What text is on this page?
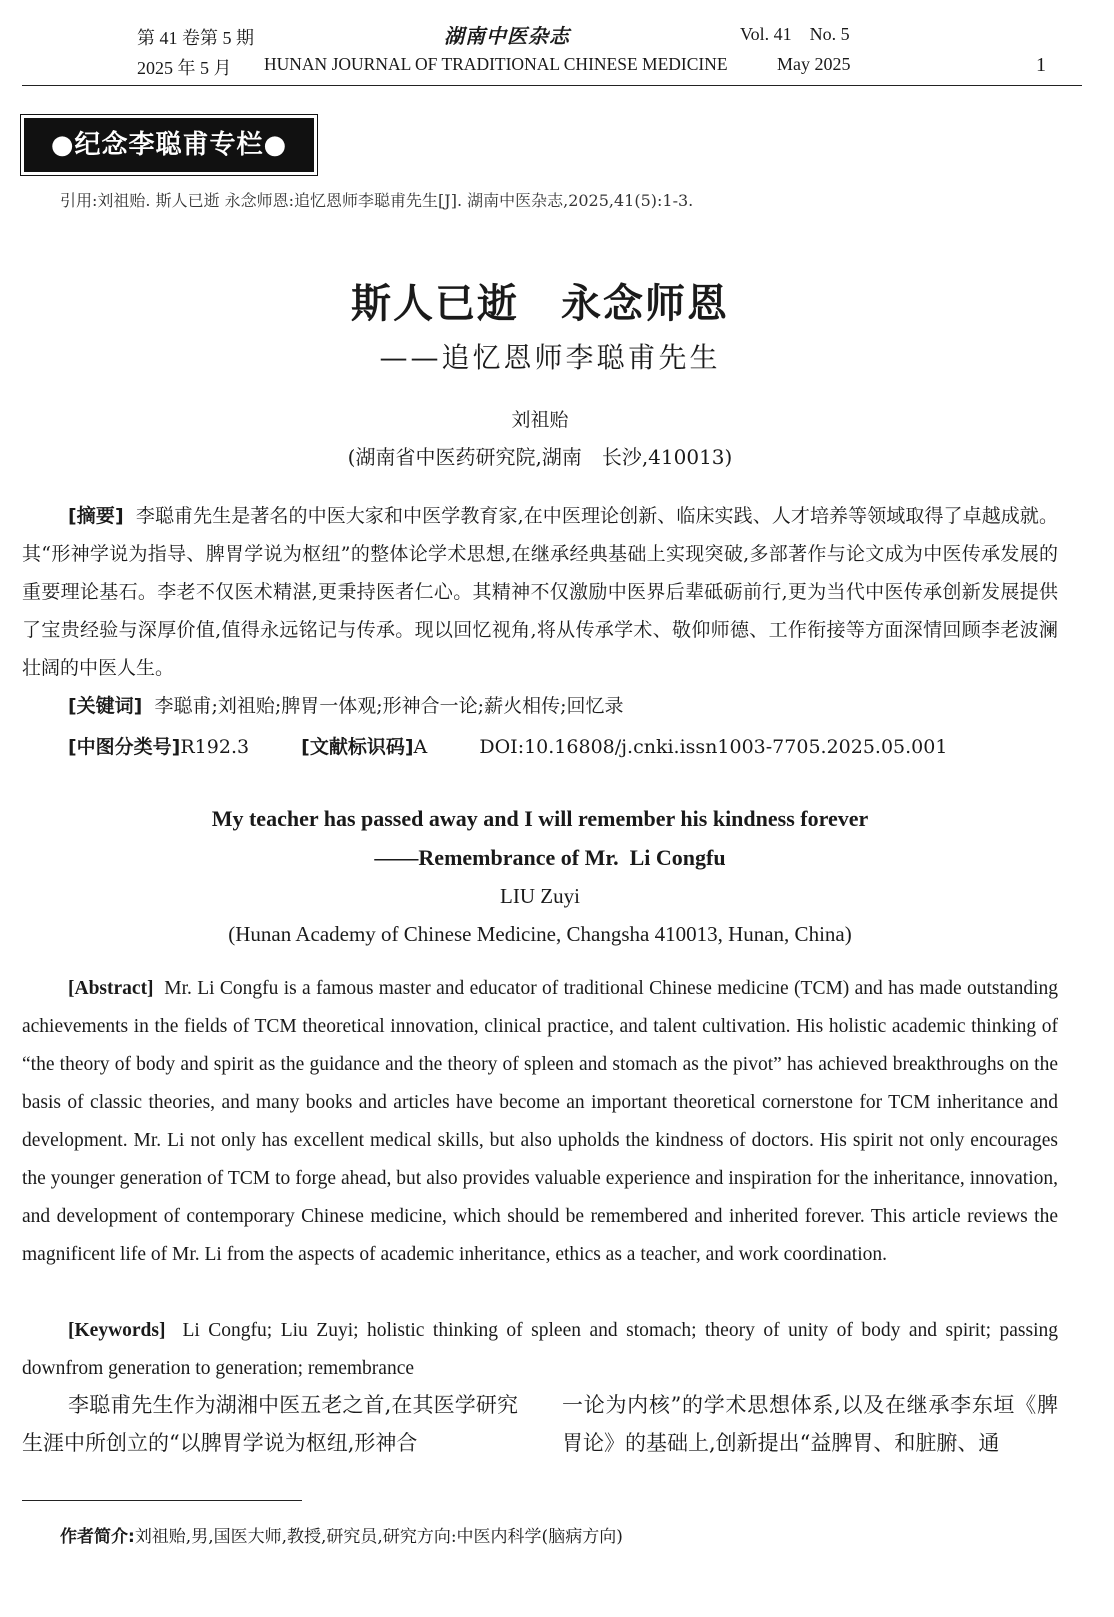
第 41 卷第 5 期
2025 年 5 月
湖南中医杂志
HUNAN JOURNAL OF TRADITIONAL CHINESE MEDICINE
Vol. 41    No. 5
May 2025	1
●纪念李聪甫专栏●
引用:刘祖贻. 斯人已逝 永念师恩:追忆恩师李聪甫先生[J]. 湖南中医杂志,2025,41(5):1-3.
斯人已逝　永念师恩
——追忆恩师李聪甫先生
刘祖贻
(湖南省中医药研究院,湖南　长沙,410013)
[摘要] 李聪甫先生是著名的中医大家和中医学教育家,在中医理论创新、临床实践、人才培养等领域取得了卓越成就。其“形神学说为指导、脾胃学说为枢纽”的整体论学术思想,在继承经典基础上实现突破,多部著作与论文成为中医传承发展的重要理论基石。李老不仅医术精湛,更秉持医者仁心。其精神不仅激励中医界后辈砥砺前行,更为当代中医传承创新发展提供了宝贵经验与深厚价值,值得永远铭记与传承。现以回忆视角,将从传承学术、敬仰师德、工作衔接等方面深情回顾李老波澜壮阔的中医人生。
[关键词] 李聪甫;刘祖贻;脾胃一体观;形神合一论;薪火相传;回忆录
[中图分类号]R192.3	[文献标识码]A	DOI:10.16808/j.cnki.issn1003-7705.2025.05.001
My teacher has passed away and I will remember his kindness forever
——Remembrance of Mr.  Li Congfu
LIU Zuyi
(Hunan Academy of Chinese Medicine, Changsha 410013, Hunan, China)
[Abstract] Mr. Li Congfu is a famous master and educator of traditional Chinese medicine (TCM) and has made outstanding achievements in the fields of TCM theoretical innovation, clinical practice, and talent cultivation. His holistic academic thinking of “the theory of body and spirit as the guidance and the theory of spleen and stomach as the pivot” has achieved breakthroughs on the basis of classic theories, and many books and articles have become an important theoretical cornerstone for TCM inheritance and development. Mr. Li not only has excellent medical skills, but also upholds the kindness of doctors. His spirit not only encourages the younger generation of TCM to forge ahead, but also provides valuable experience and inspiration for the inheritance, innovation, and development of contemporary Chinese medicine, which should be remembered and inherited forever. This article reviews the magnificent life of Mr. Li from the aspects of academic inheritance, ethics as a teacher, and work coordination.
[Keywords] Li Congfu; Liu Zuyi; holistic thinking of spleen and stomach; theory of unity of body and spirit; passing downfrom generation to generation; remembrance
李聪甫先生作为湖湘中医五老之首,在其医学研究生涯中所创立的“以脾胃学说为枢纽,形神合
一论为内核”的学术思想体系,以及在继承李东垣《脾胃论》的基础上,创新提出“益脾胃、和脏腑、通
作者简介:刘祖贻,男,国医大师,教授,研究员,研究方向:中医内科学(脑病方向)
